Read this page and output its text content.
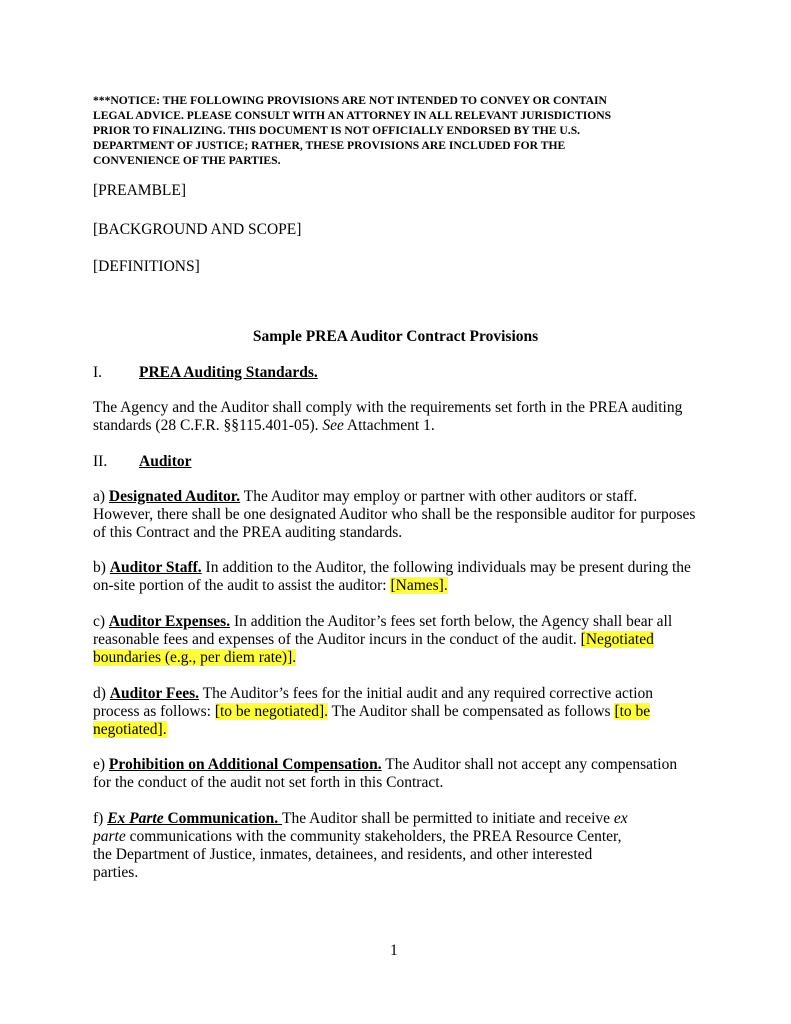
***NOTICE: THE FOLLOWING PROVISIONS ARE NOT INTENDED TO CONVEY OR CONTAIN
LEGAL ADVICE. PLEASE CONSULT WITH AN ATTORNEY IN ALL RELEVANT JURISDICTIONS
PRIOR TO FINALIZING. THIS DOCUMENT IS NOT OFFICIALLY ENDORSED BY THE U.S.
DEPARTMENT OF JUSTICE; RATHER, THESE PROVISIONS ARE INCLUDED FOR THE
CONVENIENCE OF THE PARTIES.
[PREAMBLE]
[BACKGROUND AND SCOPE]
[DEFINITIONS]
Sample PREA Auditor Contract Provisions
I. PREA Auditing Standards.
The Agency and the Auditor shall comply with the requirements set forth in the PREA auditing
standards (28 C.F.R. §§115.401-05). See Attachment 1.
II. Auditor
a) Designated Auditor. The Auditor may employ or partner with other auditors or staff.
However, there shall be one designated Auditor who shall be the responsible auditor for purposes
of this Contract and the PREA auditing standards.
b) Auditor Staff. In addition to the Auditor, the following individuals may be present during the
on-site portion of the audit to assist the auditor: [Names].
c) Auditor Expenses. In addition the Auditor’s fees set forth below, the Agency shall bear all
reasonable fees and expenses of the Auditor incurs in the conduct of the audit. [Negotiated
boundaries (e.g., per diem rate)].
d) Auditor Fees. The Auditor’s fees for the initial audit and any required corrective action
process as follows: [to be negotiated]. The Auditor shall be compensated as follows [to be
negotiated].
e) Prohibition on Additional Compensation. The Auditor shall not accept any compensation
for the conduct of the audit not set forth in this Contract.
f) Ex Parte Communication. The Auditor shall be permitted to initiate and receive ex
parte communications with the community stakeholders, the PREA Resource Center,
the Department of Justice, inmates, detainees, and residents, and other interested
parties.
1
